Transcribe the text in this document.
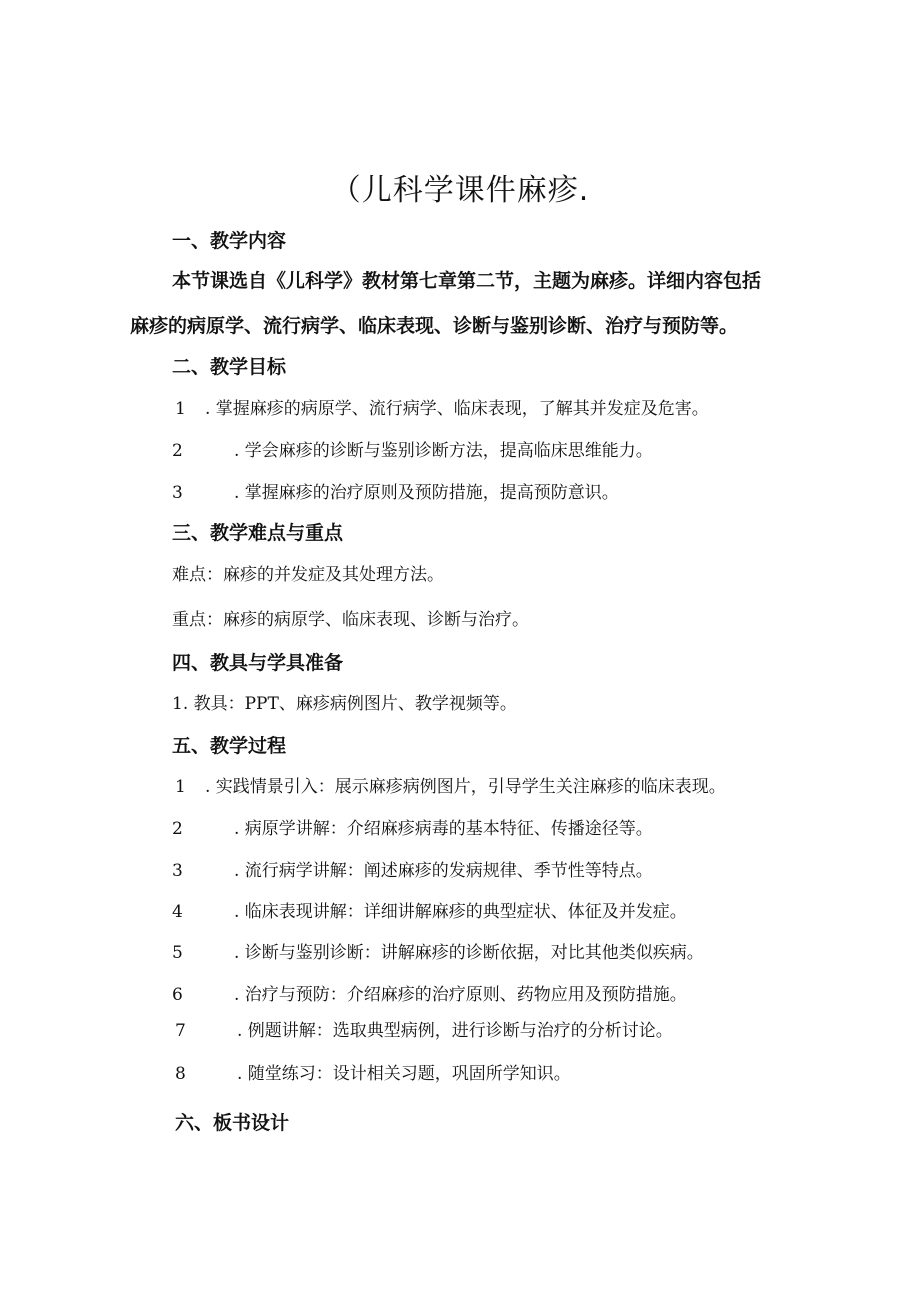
（儿科学课件麻疹.
一、教学内容
本节课选自《儿科学》教材第七章第二节，主题为麻疹。详细内容包括
麻疹的病原学、流行病学、临床表现、诊断与鉴别诊断、治疗与预防等。
二、教学目标
1 . 掌握麻疹的病原学、流行病学、临床表现，了解其并发症及危害。
2	. 学会麻疹的诊断与鉴别诊断方法，提高临床思维能力。
3	. 掌握麻疹的治疗原则及预防措施，提高预防意识。
三、教学难点与重点
难点：麻疹的并发症及其处理方法。
重点：麻疹的病原学、临床表现、诊断与治疗。
四、教具与学具准备
1. 教具：PPT、麻疹病例图片、教学视频等。
五、教学过程
1 . 实践情景引入：展示麻疹病例图片，引导学生关注麻疹的临床表现。
2	. 病原学讲解：介绍麻疹病毒的基本特征、传播途径等。
3	. 流行病学讲解：阐述麻疹的发病规律、季节性等特点。
4	. 临床表现讲解：详细讲解麻疹的典型症状、体征及并发症。
5	. 诊断与鉴别诊断：讲解麻疹的诊断依据，对比其他类似疾病。
6	. 治疗与预防：介绍麻疹的治疗原则、药物应用及预防措施。
7	. 例题讲解：选取典型病例，进行诊断与治疗的分析讨论。
8	. 随堂练习：设计相关习题，巩固所学知识。
六、板书设计
